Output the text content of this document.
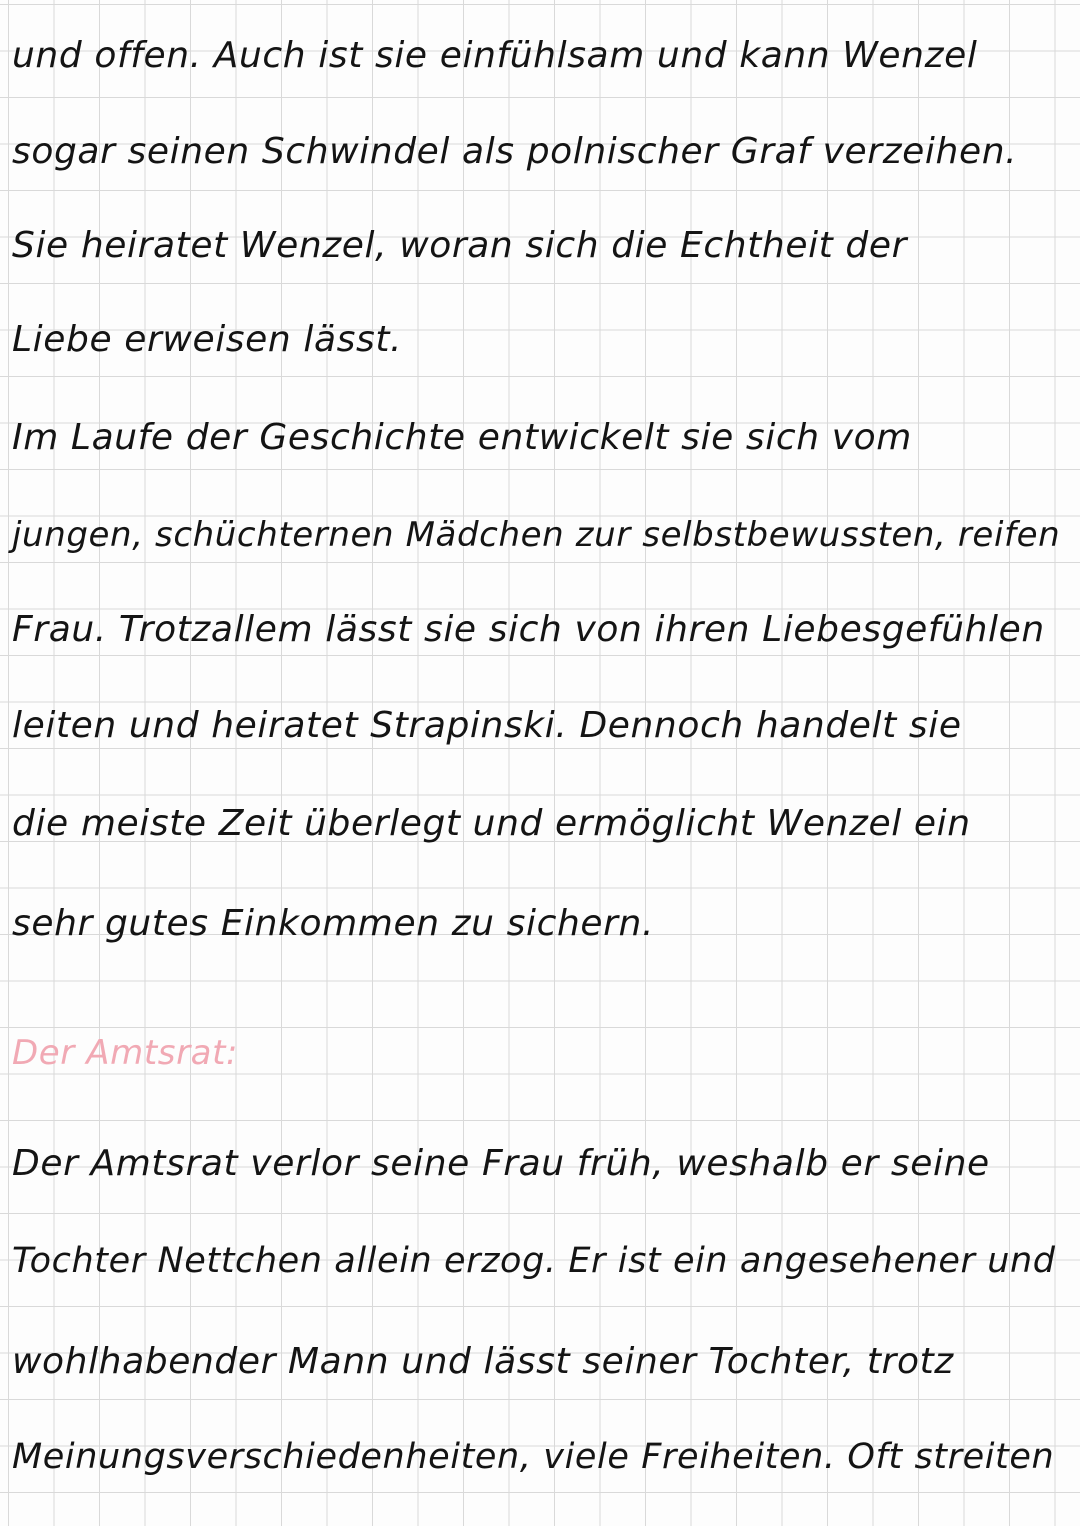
und offen. Auch ist sie einfühlsam und kann Wenzel
sogar seinen Schwindel als polnischer Graf verzeihen.
Sie heiratet Wenzel, woran sich die Echtheit der
Liebe erweisen lässt.
Im Laufe der Geschichte entwickelt sie sich vom
jungen, schüchternen Mädchen zur selbstbewussten, reifen
Frau. Trotzallem lässt sie sich von ihren Liebesgefühlen
leiten und heiratet Strapinski. Dennoch handelt sie
die meiste Zeit überlegt und ermöglicht Wenzel ein
sehr gutes Einkommen zu sichern.
Der Amtsrat:
Der Amtsrat verlor seine Frau früh, weshalb er seine
Tochter Nettchen allein erzog. Er ist ein angesehener und
wohlhabender Mann und lässt seiner Tochter, trotz
Meinungsverschiedenheiten, viele Freiheiten. Oft streiten
